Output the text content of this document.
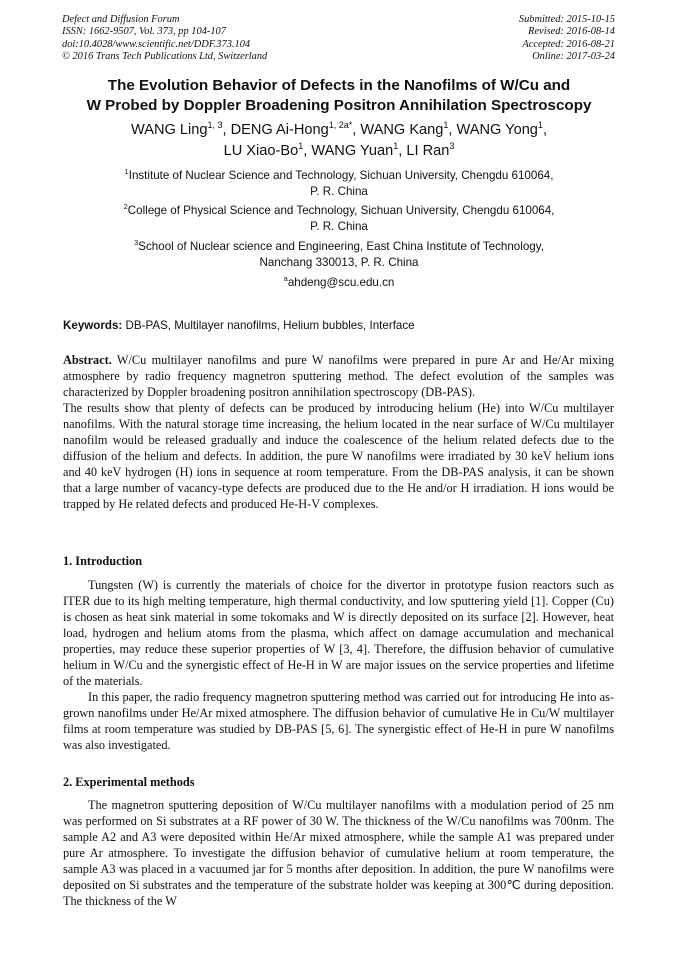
Defect and Diffusion Forum
ISSN: 1662-9507, Vol. 373, pp 104-107
doi:10.4028/www.scientific.net/DDF.373.104
© 2016 Trans Tech Publications Ltd, Switzerland
Submitted: 2015-10-15
Revised: 2016-08-14
Accepted: 2016-08-21
Online: 2017-03-24
The Evolution Behavior of Defects in the Nanofilms of W/Cu and
W Probed by Doppler Broadening Positron Annihilation Spectroscopy
WANG Ling$^{1, 3}$, DENG Ai-Hong$^{1, 2a*}$, WANG Kang$^1$, WANG Yong$^1$,
LU Xiao-Bo$^1$, WANG Yuan$^1$, LI Ran$^3$
$^1$Institute of Nuclear Science and Technology, Sichuan University, Chengdu 610064,
P. R. China
$^2$College of Physical Science and Technology, Sichuan University, Chengdu 610064,
P. R. China
$^3$School of Nuclear science and Engineering, East China Institute of Technology,
Nanchang 330013, P. R. China
$^a$ahdeng@scu.edu.cn
Keywords: DB-PAS, Multilayer nanofilms, Helium bubbles, Interface

Abstract. W/Cu multilayer nanofilms and pure W nanofilms were prepared in pure Ar and He/Ar mixing atmosphere by radio frequency magnetron sputtering method. The defect evolution of the samples was characterized by Doppler broadening positron annihilation spectroscopy (DB-PAS).

The results show that plenty of defects can be produced by introducing helium (He) into W/Cu multilayer nanofilms. With the natural storage time increasing, the helium located in the near surface of W/Cu multilayer nanofilm would be released gradually and induce the coalescence of the helium related defects due to the diffusion of the helium and defects. In addition, the pure W nanofilms were irradiated by 30 keV helium ions and 40 keV hydrogen (H) ions in sequence at room temperature. From the DB-PAS analysis, it can be shown that a large number of vacancy-type defects are produced due to the He and/or H irradiation. H ions would be trapped by He related defects and produced He-H-V complexes.

1. Introduction

Tungsten (W) is currently the materials of choice for the divertor in prototype fusion reactors such as ITER due to its high melting temperature, high thermal conductivity, and low sputtering yield [1]. Copper (Cu) is chosen as heat sink material in some tokomaks and W is directly deposited on its surface [2]. However, heat load, hydrogen and helium atoms from the plasma, which affect on damage accumulation and mechanical properties, may reduce these superior properties of W [3, 4]. Therefore, the diffusion behavior of cumulative helium in W/Cu and the synergistic effect of He-H in W are major issues on the service properties and lifetime of the materials.

In this paper, the radio frequency magnetron sputtering method was carried out for introducing He into as-grown nanofilms under He/Ar mixed atmosphere. The diffusion behavior of cumulative He in Cu/W multilayer films at room temperature was studied by DB-PAS [5, 6]. The synergistic effect of He-H in pure W nanofilms was also investigated.

2. Experimental methods

The magnetron sputtering deposition of W/Cu multilayer nanofilms with a modulation period of 25 nm was performed on Si substrates at a RF power of 30 W. The thickness of the W/Cu nanofilms was 700nm. The sample A2 and A3 were deposited within He/Ar mixed atmosphere, while the sample A1 was prepared under pure Ar atmosphere. To investigate the diffusion behavior of cumulative helium at room temperature, the sample A3 was placed in a vacuumed jar for 5 months after deposition. In addition, the pure W nanofilms were deposited on Si substrates and the temperature of the substrate holder was keeping at 300℃ during deposition. The thickness of the W
